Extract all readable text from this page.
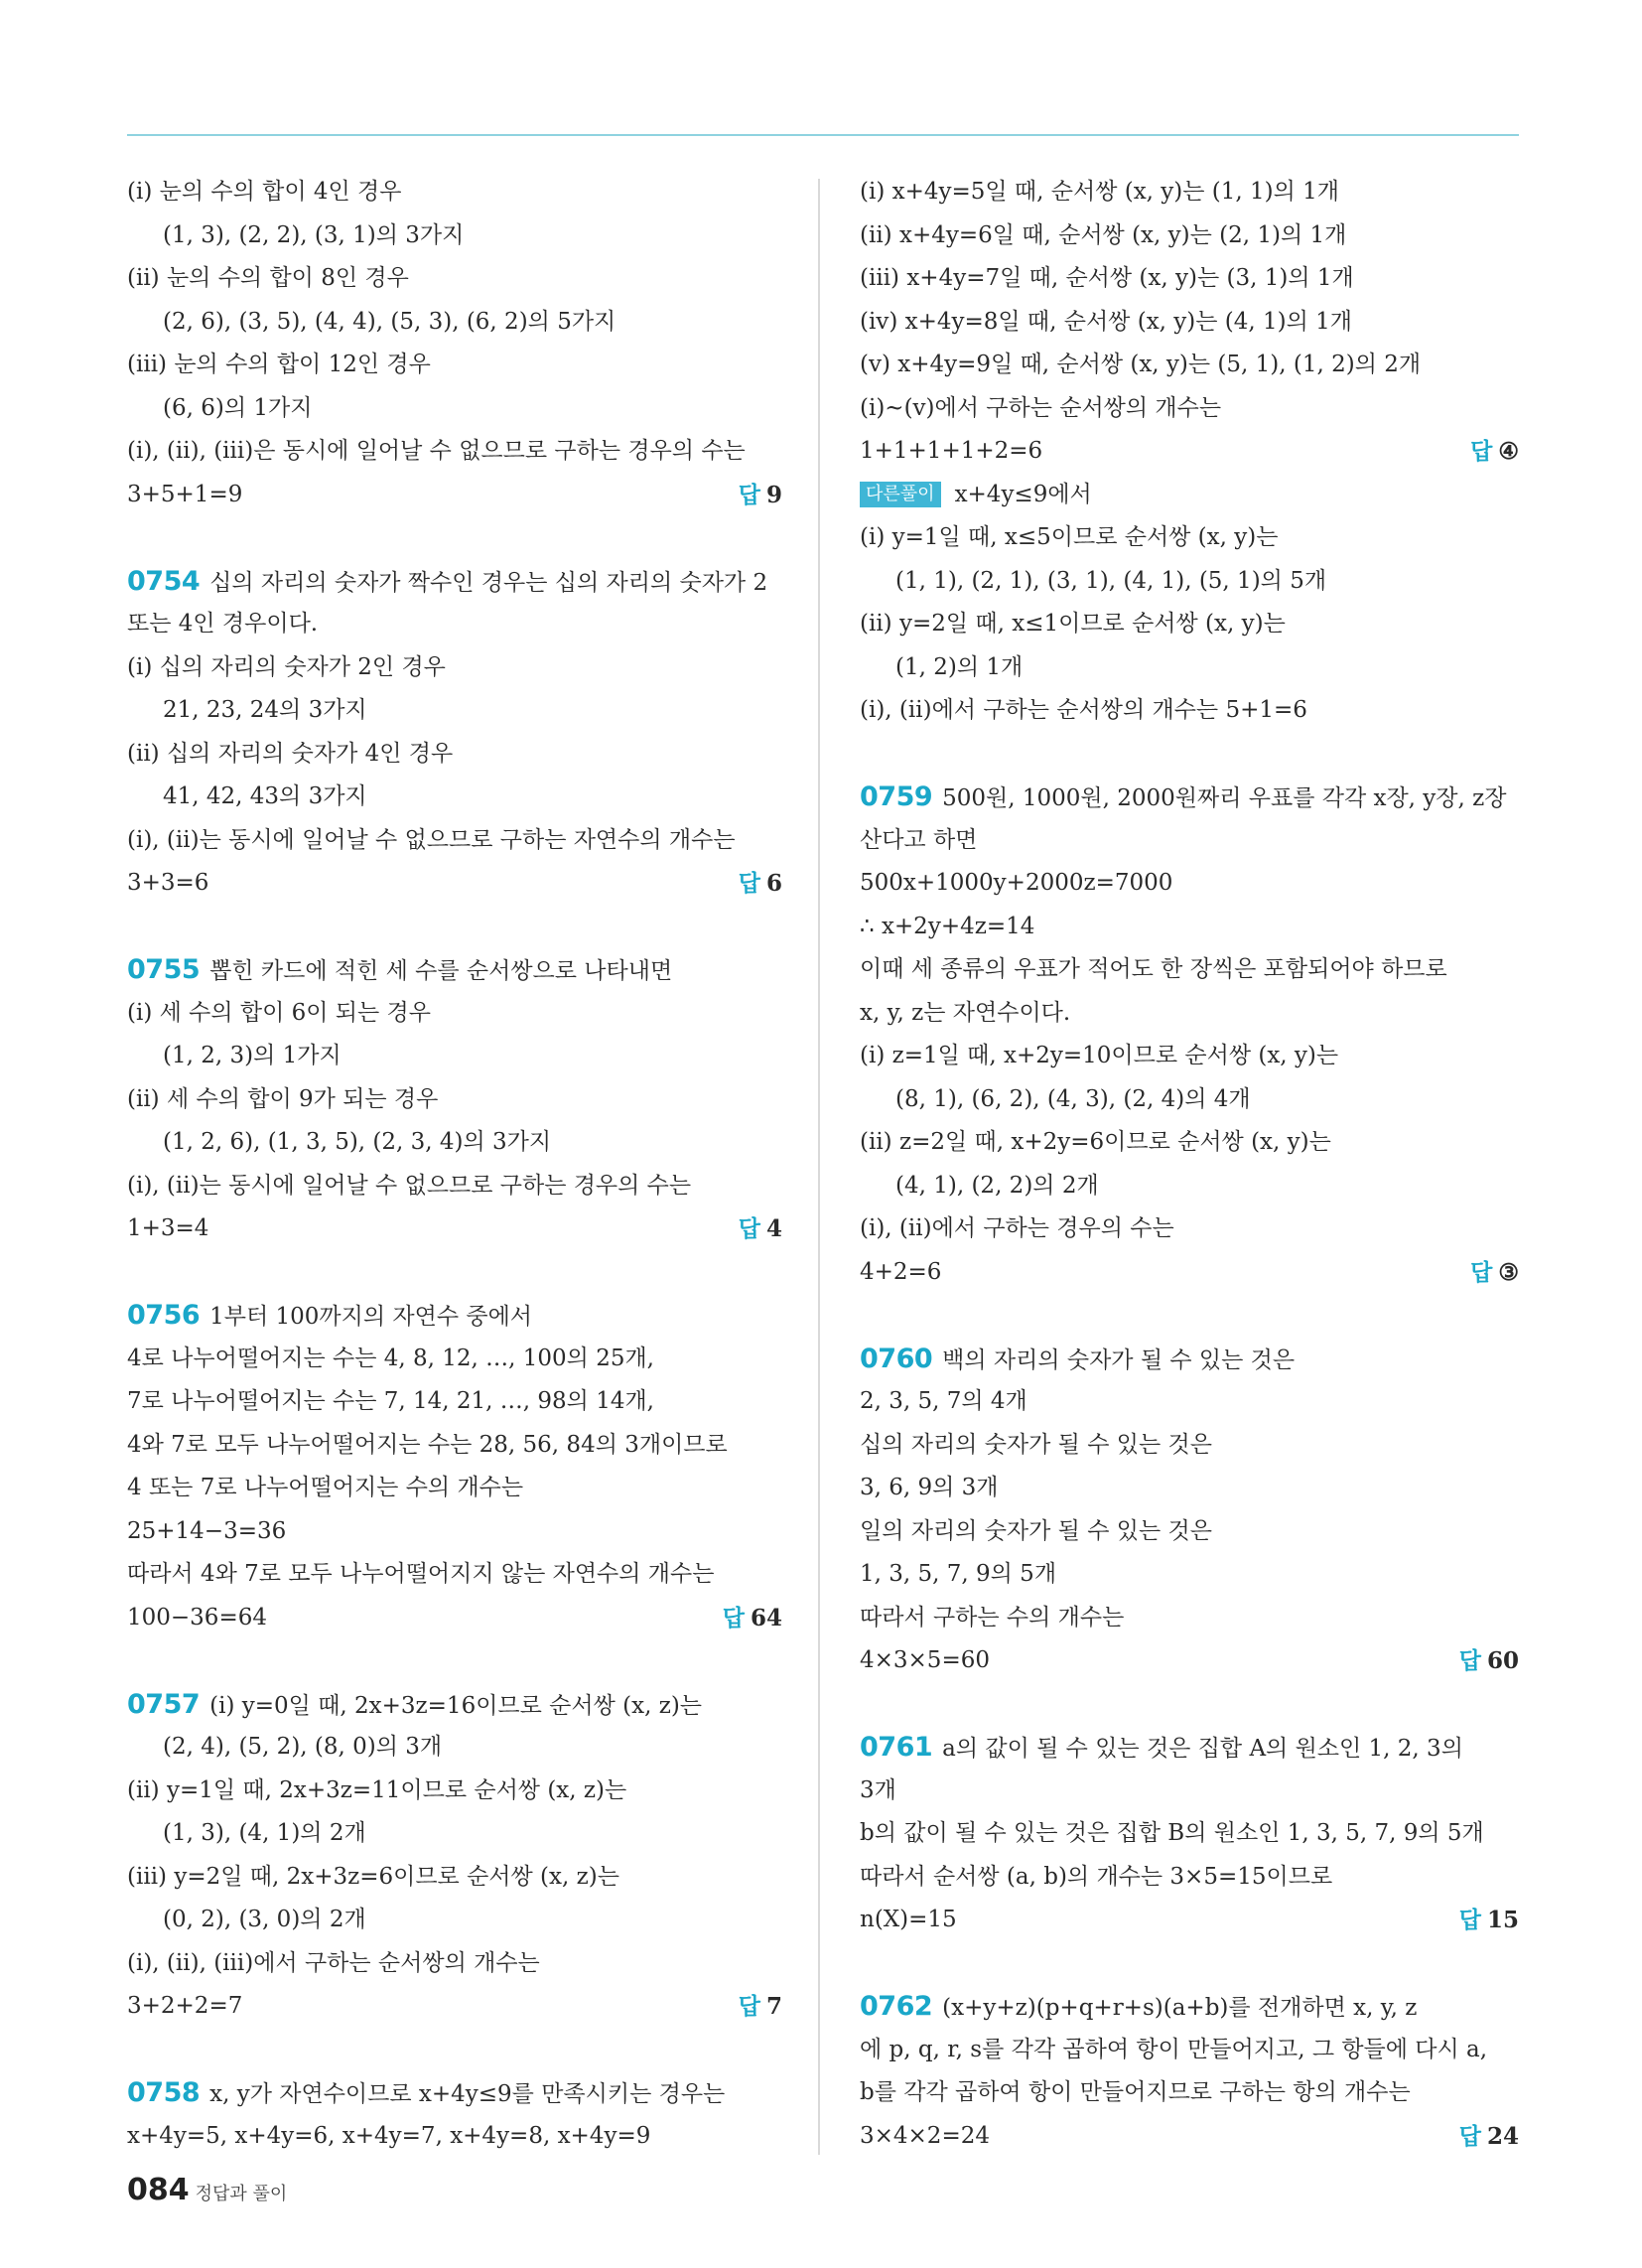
(ⅰ) 눈의 수의 합이 4인 경우
(1, 3), (2, 2), (3, 1)의 3가지
(ⅱ) 눈의 수의 합이 8인 경우
(2, 6), (3, 5), (4, 4), (5, 3), (6, 2)의 5가지
(ⅲ) 눈의 수의 합이 12인 경우
(6, 6)의 1가지
(ⅰ), (ⅱ), (ⅲ)은 동시에 일어날 수 없으므로 구하는 경우의 수는
3+5+1=9	답 9
0754 십의 자리의 숫자가 짝수인 경우는 십의 자리의 숫자가 2
또는 4인 경우이다.
(ⅰ) 십의 자리의 숫자가 2인 경우
21, 23, 24의 3가지
(ⅱ) 십의 자리의 숫자가 4인 경우
41, 42, 43의 3가지
(ⅰ), (ⅱ)는 동시에 일어날 수 없으므로 구하는 자연수의 개수는
3+3=6	답 6
0755 뽑힌 카드에 적힌 세 수를 순서쌍으로 나타내면
(ⅰ) 세 수의 합이 6이 되는 경우
(1, 2, 3)의 1가지
(ⅱ) 세 수의 합이 9가 되는 경우
(1, 2, 6), (1, 3, 5), (2, 3, 4)의 3가지
(ⅰ), (ⅱ)는 동시에 일어날 수 없으므로 구하는 경우의 수는
1+3=4	답 4
0756 1부터 100까지의 자연수 중에서
4로 나누어떨어지는 수는 4, 8, 12, …, 100의 25개,
7로 나누어떨어지는 수는 7, 14, 21, …, 98의 14개,
4와 7로 모두 나누어떨어지는 수는 28, 56, 84의 3개이므로
4 또는 7로 나누어떨어지는 수의 개수는
25+14−3=36
따라서 4와 7로 모두 나누어떨어지지 않는 자연수의 개수는
100−36=64	답 64
0757 (ⅰ) y=0일 때, 2x+3z=16이므로 순서쌍 (x, z)는
(2, 4), (5, 2), (8, 0)의 3개
(ⅱ) y=1일 때, 2x+3z=11이므로 순서쌍 (x, z)는
(1, 3), (4, 1)의 2개
(ⅲ) y=2일 때, 2x+3z=6이므로 순서쌍 (x, z)는
(0, 2), (3, 0)의 2개
(ⅰ), (ⅱ), (ⅲ)에서 구하는 순서쌍의 개수는
3+2+2=7	답 7
0758 x, y가 자연수이므로 x+4y≤9를 만족시키는 경우는
x+4y=5, x+4y=6, x+4y=7, x+4y=8, x+4y=9
(ⅰ) x+4y=5일 때, 순서쌍 (x, y)는 (1, 1)의 1개
(ⅱ) x+4y=6일 때, 순서쌍 (x, y)는 (2, 1)의 1개
(ⅲ) x+4y=7일 때, 순서쌍 (x, y)는 (3, 1)의 1개
(ⅳ) x+4y=8일 때, 순서쌍 (x, y)는 (4, 1)의 1개
(ⅴ) x+4y=9일 때, 순서쌍 (x, y)는 (5, 1), (1, 2)의 2개
(ⅰ)~(ⅴ)에서 구하는 순서쌍의 개수는
1+1+1+1+2=6	답 ④
다른풀이 x+4y≤9에서
(ⅰ) y=1일 때, x≤5이므로 순서쌍 (x, y)는
(1, 1), (2, 1), (3, 1), (4, 1), (5, 1)의 5개
(ⅱ) y=2일 때, x≤1이므로 순서쌍 (x, y)는
(1, 2)의 1개
(ⅰ), (ⅱ)에서 구하는 순서쌍의 개수는 5+1=6
0759 500원, 1000원, 2000원짜리 우표를 각각 x장, y장, z장
산다고 하면
500x+1000y+2000z=7000
∴ x+2y+4z=14
이때 세 종류의 우표가 적어도 한 장씩은 포함되어야 하므로
x, y, z는 자연수이다.
(ⅰ) z=1일 때, x+2y=10이므로 순서쌍 (x, y)는
(8, 1), (6, 2), (4, 3), (2, 4)의 4개
(ⅱ) z=2일 때, x+2y=6이므로 순서쌍 (x, y)는
(4, 1), (2, 2)의 2개
(ⅰ), (ⅱ)에서 구하는 경우의 수는
4+2=6	답 ③
0760 백의 자리의 숫자가 될 수 있는 것은
2, 3, 5, 7의 4개
십의 자리의 숫자가 될 수 있는 것은
3, 6, 9의 3개
일의 자리의 숫자가 될 수 있는 것은
1, 3, 5, 7, 9의 5개
따라서 구하는 수의 개수는
4×3×5=60	답 60
0761 a의 값이 될 수 있는 것은 집합 A의 원소인 1, 2, 3의
3개
b의 값이 될 수 있는 것은 집합 B의 원소인 1, 3, 5, 7, 9의 5개
따라서 순서쌍 (a, b)의 개수는 3×5=15이므로
n(X)=15	답 15
0762 (x+y+z)(p+q+r+s)(a+b)를 전개하면 x, y, z
에 p, q, r, s를 각각 곱하여 항이 만들어지고, 그 항들에 다시 a,
b를 각각 곱하여 항이 만들어지므로 구하는 항의 개수는
3×4×2=24	답 24
084 정답과 풀이
